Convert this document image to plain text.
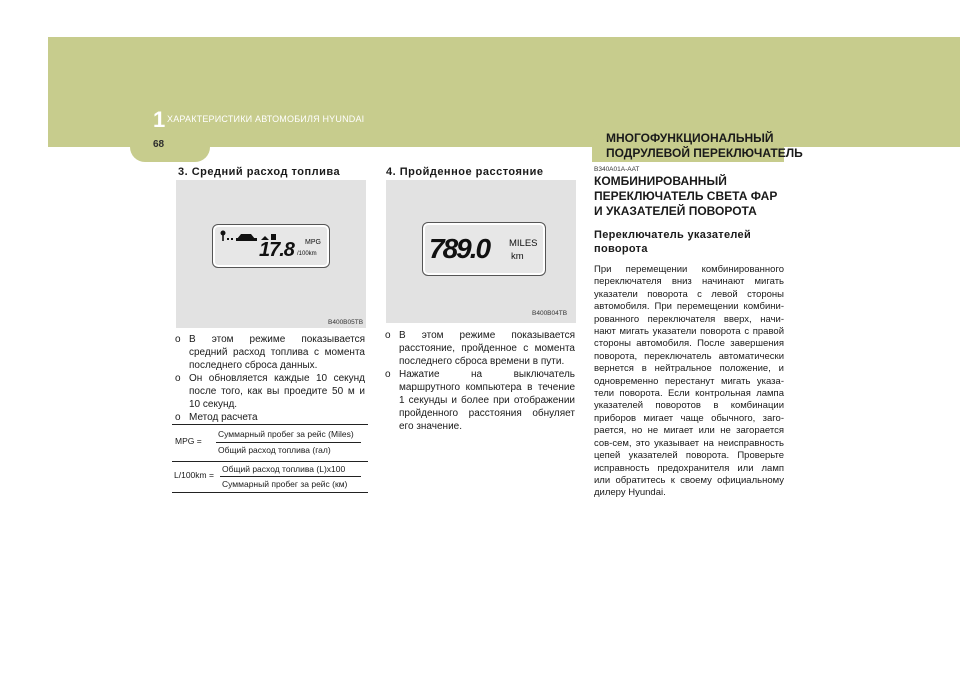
1 ХАРАКТЕРИСТИКИ АВТОМОБИЛЯ HYUNDAI
68	МНОГОФУНКЦИОНАЛЬНЫЙ
ПОДРУЛЕВОЙ ПЕРЕКЛЮЧАТЕЛЬ
3. Средний расход топлива
17.8 MPG
/100km
B400B05TB
o В этом режиме показывается средний расход топлива с момента последнего сброса данных.
o Он обновляется каждые 10 секунд после того, как вы проедите 50 м и 10 секунд.
o Метод расчета
MPG =
Суммарный пробег за рейс (Miles)
Общий расход топлива (гал)
L/100km =
Общий расход топлива (L)x100
Суммарный пробег за рейс (км)
4. Пройденное расстояние
789.0 MILES
km
B400B04TB
o В этом режиме показывается расстояние, пройденное с момента последнего сброса времени в пути.
o Нажатие на выключатель маршрутного компьютера в течение 1 секунды и более при отображении пройденного расстояния обнуляет его значение.
B340A01A-AAT
КОМБИНИРОВАННЫЙ
ПЕРЕКЛЮЧАТЕЛЬ СВЕТА ФАР
И УКАЗАТЕЛЕЙ ПОВОРОТА
Переключатель указателей
поворота

При перемещении комбинированного переключателя вниз начинают мигать указатели поворота с левой стороны автомобиля. При перемещении комбини-рованного переключателя вверх, начи-нают мигать указатели поворота с правой стороны автомобиля. После завершения поворота, переключатель автоматически вернется в нейтральное положение, и одновременно перестанут мигать указа-тели поворота. Если контрольная лампа указателей поворотов в комбинации приборов мигает чаще обычного, заго-рается, но не мигает или не загорается сов-сем, это указывает на неисправность цепей указателей поворота. Проверьте исправность предохранителя или ламп или обратитесь к своему официальному дилеру Hyundai.
